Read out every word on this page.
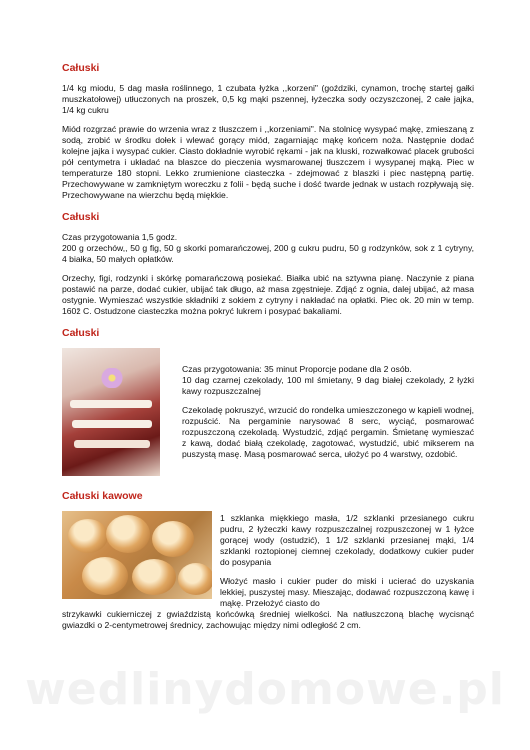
wedlinydomowe.pl
Całuski

1/4 kg miodu, 5 dag masła roślinnego, 1 czubata łyżka ,,korzeni" (goździki, cynamon, trochę startej gałki muszkatołowej) utłuczonych na proszek, 0,5 kg mąki pszennej, łyżeczka sody oczyszczonej, 2 całe jajka, 1/4 kg cukru

Miód rozgrzać prawie do wrzenia wraz z tłuszczem i ,,korzeniami". Na stolnicę wysypać mąkę, zmieszaną z sodą, zrobić w środku dołek i wlewać gorący miód, zagarniając mąkę końcem noża. Następnie dodać kolejne jajka i wysypać cukier. Ciasto dokładnie wyrobić rękami - jak na kluski, rozwałkować placek grubości pół centymetra i układać na blaszce do pieczenia wysmarowanej tłuszczem i wysypanej mąką. Piec w temperaturze 180 stopni. Lekko zrumienione ciasteczka - zdejmować z blaszki i piec następną partię. Przechowywane w zamkniętym woreczku z folii - będą suche i dość twarde jednak w ustach rozpływają się. Przechowywane na wierzchu będą miękkie.

Całuski

Czas przygotowania 1,5 godz.

200 g orzechów,, 50 g fig, 50 g skorki pomarańczowej, 200 g cukru pudru, 50 g rodzynków, sok z 1 cytryny, 4 białka, 50 małych opłatków.

Orzechy, figi, rodzynki i skórkę pomarańczową posiekać. Białka ubić na sztywna pianę. Naczynie z piana postawić na parze, dodać cukier, ubijać tak długo, aż masa zgęstnieje. Zdjąć z ognia, dalej ubijać, aż masa ostygnie. Wymieszać wszystkie składniki z sokiem z cytryny i nakładać na opłatki. Piec ok. 20 min w temp. 160ž C. Ostudzone ciasteczka można pokryć lukrem i posypać bakaliami.

Całuski

Czas przygotowania: 35 minut Proporcje podane dla 2 osób.

10 dag czarnej czekolady, 100 ml śmietany, 9 dag białej czekolady, 2 łyżki kawy rozpuszczalnej

Czekoladę pokruszyć, wrzucić do rondelka umieszczonego w kąpieli wodnej, rozpuścić. Na pergaminie narysować 8 serc, wyciąć, posmarować rozpuszczoną czekoladą. Wystudzić, zdjąć pergamin. Śmietanę wymieszać z kawą, dodać białą czekoladę, zagotować, wystudzić, ubić mikserem na puszystą masę. Masą posmarować serca, ułożyć po 4 warstwy, ozdobić.

Całuski kawowe

1 szklanka miękkiego masła, 1/2 szklanki przesianego cukru pudru, 2 łyżeczki kawy rozpuszczalnej rozpuszczonej w 1 łyżce gorącej wody (ostudzić), 1 1/2 szklanki przesianej mąki, 1/4 szklanki roztopionej ciemnej czekolady, dodatkowy cukier puder do posypania

Włożyć masło i cukier puder do miski i ucierać do uzyskania lekkiej, puszystej masy. Mieszając, dodawać rozpuszczoną kawę i mąkę. Przełożyć ciasto do

strzykawki cukierniczej z gwiaździstą końcówką średniej wielkości. Na natłuszczoną blachę wycisnąć gwiazdki o 2-centymetrowej średnicy, zachowując między nimi odległość 2 cm.
